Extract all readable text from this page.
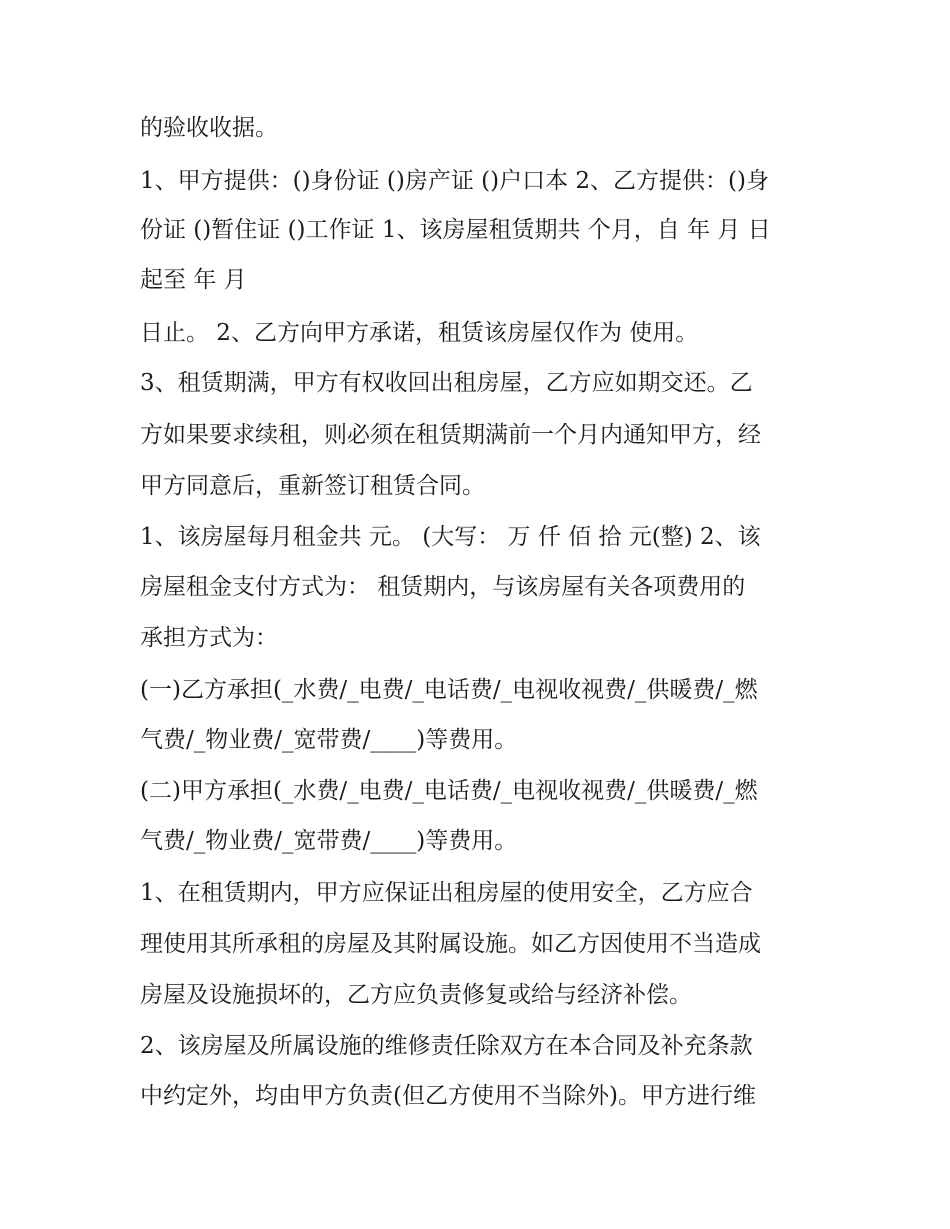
的验收收据。
1、甲方提供：()身份证 ()房产证 ()户口本 2、乙方提供：()身
份证 ()暂住证 ()工作证 1、该房屋租赁期共 个月，自 年 月 日
起至 年 月
日止。 2、乙方向甲方承诺，租赁该房屋仅作为 使用。
3、租赁期满，甲方有权收回出租房屋，乙方应如期交还。乙
方如果要求续租，则必须在租赁期满前一个月内通知甲方，经
甲方同意后，重新签订租赁合同。
1、该房屋每月租金共 元。 (大写： 万 仟 佰 拾 元(整) 2、该
房屋租金支付方式为： 租赁期内，与该房屋有关各项费用的
承担方式为：
(一)乙方承担(_水费/_电费/_电话费/_电视收视费/_供暖费/_燃
气费/_物业费/_宽带费/____)等费用。
(二)甲方承担(_水费/_电费/_电话费/_电视收视费/_供暖费/_燃
气费/_物业费/_宽带费/____)等费用。
1、在租赁期内，甲方应保证出租房屋的使用安全，乙方应合
理使用其所承租的房屋及其附属设施。如乙方因使用不当造成
房屋及设施损坏的，乙方应负责修复或给与经济补偿。
2、该房屋及所属设施的维修责任除双方在本合同及补充条款
中约定外，均由甲方负责(但乙方使用不当除外)。甲方进行维
